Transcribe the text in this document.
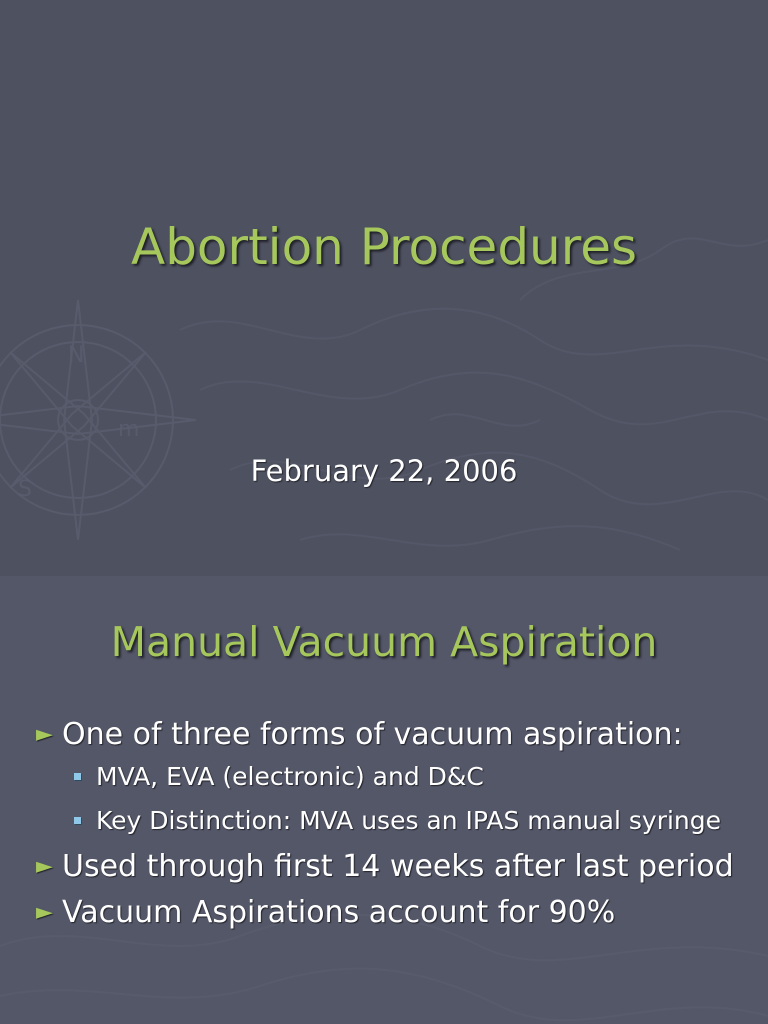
N
S
m
Abortion Procedures
February 22, 2006
Manual Vacuum Aspiration
► One of three forms of vacuum aspiration:
MVA, EVA (electronic) and D&C
Key Distinction: MVA uses an IPAS manual syringe
► Used through first 14 weeks after last period
► Vacuum Aspirations account for 90%
